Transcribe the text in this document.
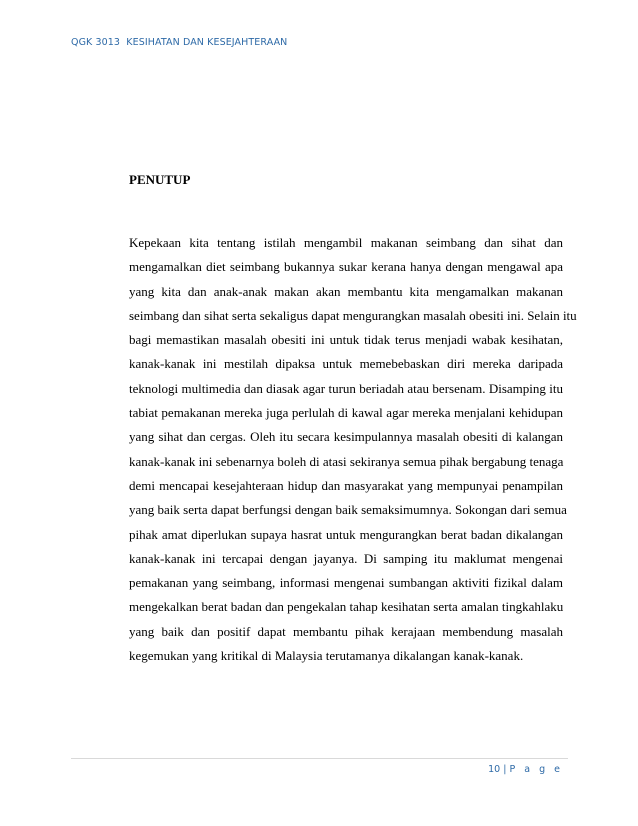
QGK 3013  KESIHATAN DAN KESEJAHTERAAN
PENUTUP
Kepekaan kita tentang istilah mengambil makanan seimbang dan sihat dan
mengamalkan diet seimbang bukannya sukar kerana hanya dengan mengawal apa
yang kita dan anak-anak makan akan membantu kita mengamalkan makanan
seimbang dan sihat serta sekaligus dapat mengurangkan masalah obesiti ini. Selain itu
bagi memastikan masalah obesiti ini untuk tidak terus menjadi wabak kesihatan,
kanak-kanak ini mestilah dipaksa untuk memebebaskan diri mereka daripada
teknologi multimedia dan diasak agar turun beriadah atau bersenam. Disamping itu
tabiat pemakanan mereka juga perlulah di kawal agar mereka menjalani kehidupan
yang sihat dan cergas. Oleh itu secara kesimpulannya masalah obesiti di kalangan
kanak-kanak ini sebenarnya boleh di atasi sekiranya semua pihak bergabung tenaga
demi mencapai kesejahteraan hidup dan masyarakat yang mempunyai penampilan
yang baik serta dapat berfungsi dengan baik semaksimumnya. Sokongan dari semua
pihak amat diperlukan supaya hasrat untuk mengurangkan berat badan dikalangan
kanak-kanak ini tercapai dengan jayanya. Di samping itu maklumat mengenai
pemakanan yang seimbang, informasi mengenai sumbangan aktiviti fizikal dalam
mengekalkan berat badan dan pengekalan tahap kesihatan serta amalan tingkahlaku
yang baik dan positif dapat membantu pihak kerajaan membendung masalah
kegemukan yang kritikal di Malaysia terutamanya dikalangan kanak-kanak.
10 | P a g e
